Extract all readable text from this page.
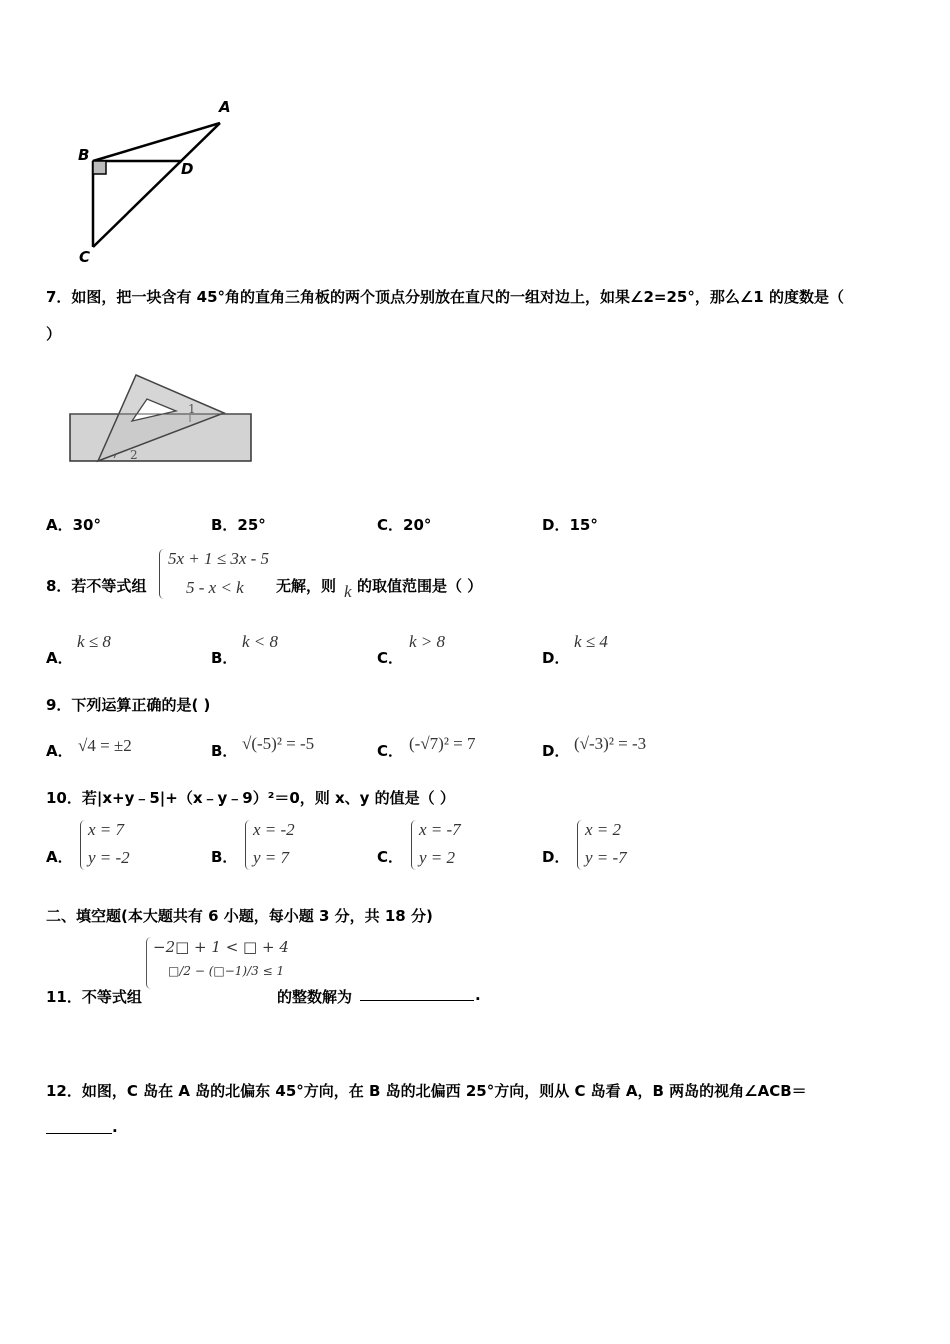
A
B
D
C
7．如图，把一块含有 45°角的直角三角板的两个顶点分别放在直尺的一组对边上，如果∠2=25°，那么∠1 的度数是（
）
1
2
A．30°	B．25°	C．20°	D．15°
8．若不等式组
5x + 1 ≤ 3x - 5
5 - x < k 无解，则 k 的取值范围是（ ）
A．
k ≤ 8
B．
k < 8
C．
k > 8
D．
k ≤ 4
9．下列运算正确的是( )
A． √4 = ±2	B． √(-5)² = -5	C． (-√7)² = 7	D． (√-3)² = -3
10．若|x+y﹣5|+（x﹣y﹣9）²＝0，则 x、y 的值是（ ）
A．
x = 7
y = -2	B．
x = -2
y = 7	C．
x = -7
y = 2	D．
x = 2
y = -7
二、填空题(本大题共有 6 小题，每小题 3 分，共 18 分)
11．不等式组
−2□ + 1 < □ + 4
□/2 − (□−1)/3 ≤ 1
的整数解为	.
12．如图，C 岛在 A 岛的北偏东 45°方向，在 B 岛的北偏西 25°方向，则从 C 岛看 A，B 两岛的视角∠ACB＝
.
